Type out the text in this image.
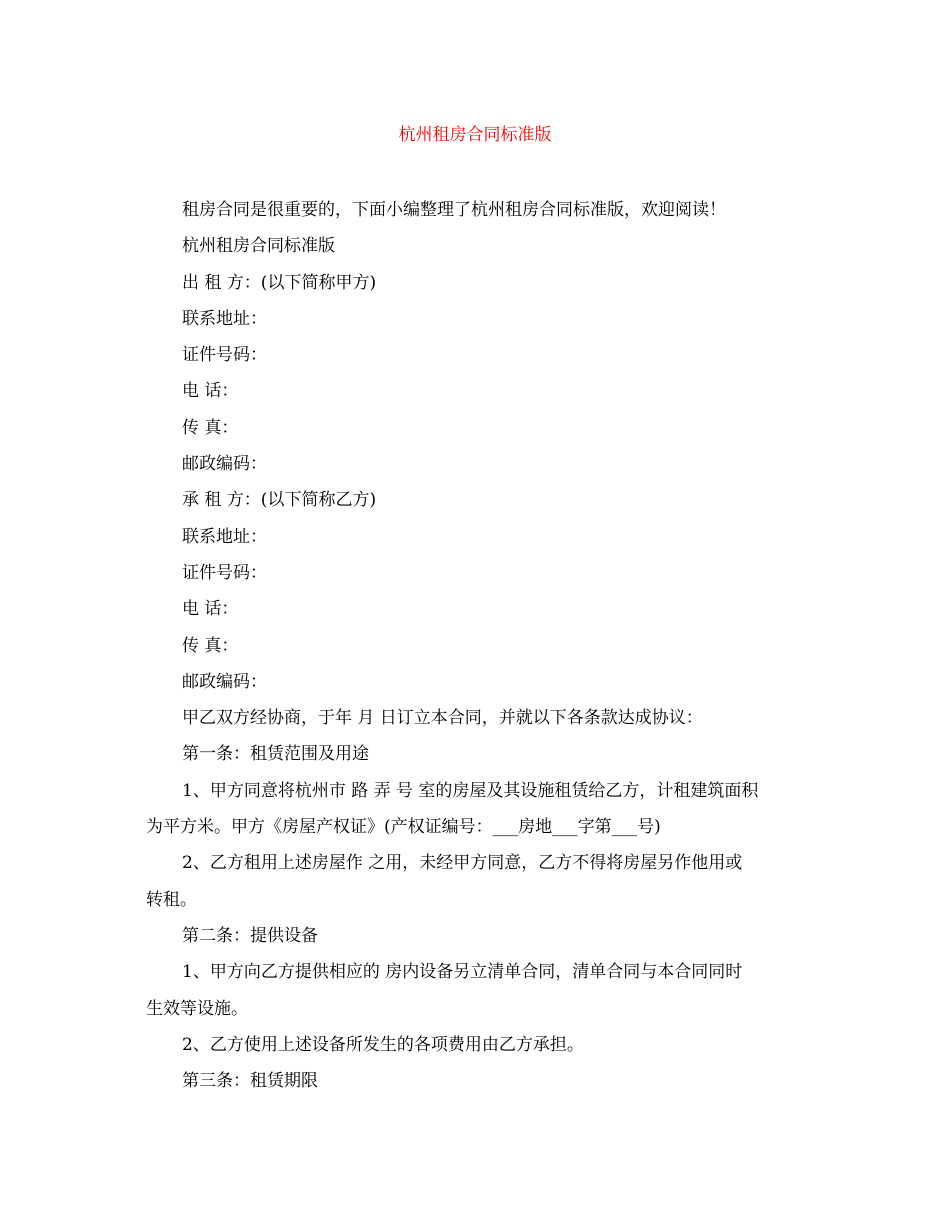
杭州租房合同标准版

租房合同是很重要的，下面小编整理了杭州租房合同标准版，欢迎阅读！

杭州租房合同标准版

出 租 方：(以下简称甲方)

联系地址：

证件号码：

电 话：

传 真：

邮政编码：

承 租 方：(以下简称乙方)

联系地址：

证件号码：

电 话：

传 真：

邮政编码：

甲乙双方经协商，于年 月 日订立本合同，并就以下各条款达成协议：

第一条：租赁范围及用途

1、甲方同意将杭州市 路 弄 号 室的房屋及其设施租赁给乙方，计租建筑面积
为平方米。甲方《房屋产权证》(产权证编号：___房地___字第___号)
2、乙方租用上述房屋作 之用，未经甲方同意，乙方不得将房屋另作他用或
转租。

第二条：提供设备

1、甲方向乙方提供相应的 房内设备另立清单合同，清单合同与本合同同时
生效等设施。

2、乙方使用上述设备所发生的各项费用由乙方承担。

第三条：租赁期限
